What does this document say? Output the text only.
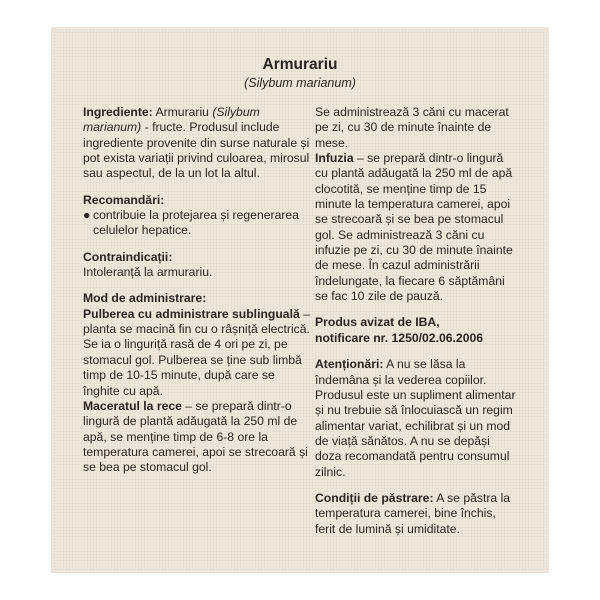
Armurariu
(Silybum marianum)

Ingrediente: Armurariu (Silybum marianum) - fructe. Produsul include ingrediente provenite din surse naturale și pot exista variații privind culoarea, mirosul sau aspectul, de la un lot la altul.

Recomandări:

● contribuie la protejarea și regenerarea celulelor hepatice.

Contraindicații:

Intoleranță la armurariu.

Mod de administrare:

Pulberea cu administrare sublinguală – planta se macină fin cu o râșniță electrică. Se ia o linguriță rasă de 4 ori pe zi, pe stomacul gol. Pulberea se ține sub limbă timp de 10-15 minute, după care se înghite cu apă.

Maceratul la rece – se prepară dintr-o lingură de plantă adăugată la 250 ml de apă, se menține timp de 6-8 ore la temperatura camerei, apoi se strecoară și se bea pe stomacul gol.

Se administrează 3 căni cu macerat pe zi, cu 30 de minute înainte de mese.

Infuzia – se prepară dintr-o lingură cu plantă adăugată la 250 ml de apă clocotită, se menține timp de 15 minute la temperatura camerei, apoi se strecoară și se bea pe stomacul gol. Se administrează 3 căni cu infuzie pe zi, cu 30 de minute înainte de mese. În cazul administrării îndelungate, la fiecare 6 săptămâni se fac 10 zile de pauză.

Produs avizat de IBA,

notificare nr. 1250/02.06.2006

Atenționări: A nu se lăsa la îndemâna și la vederea copiilor. Produsul este un supliment alimentar și nu trebuie să înlocuiască un regim alimentar variat, echilibrat și un mod de viață sănătos. A nu se depăși doza recomandată pentru consumul zilnic.

Condiții de păstrare: A se păstra la temperatura camerei, bine închis, ferit de lumină și umiditate.
